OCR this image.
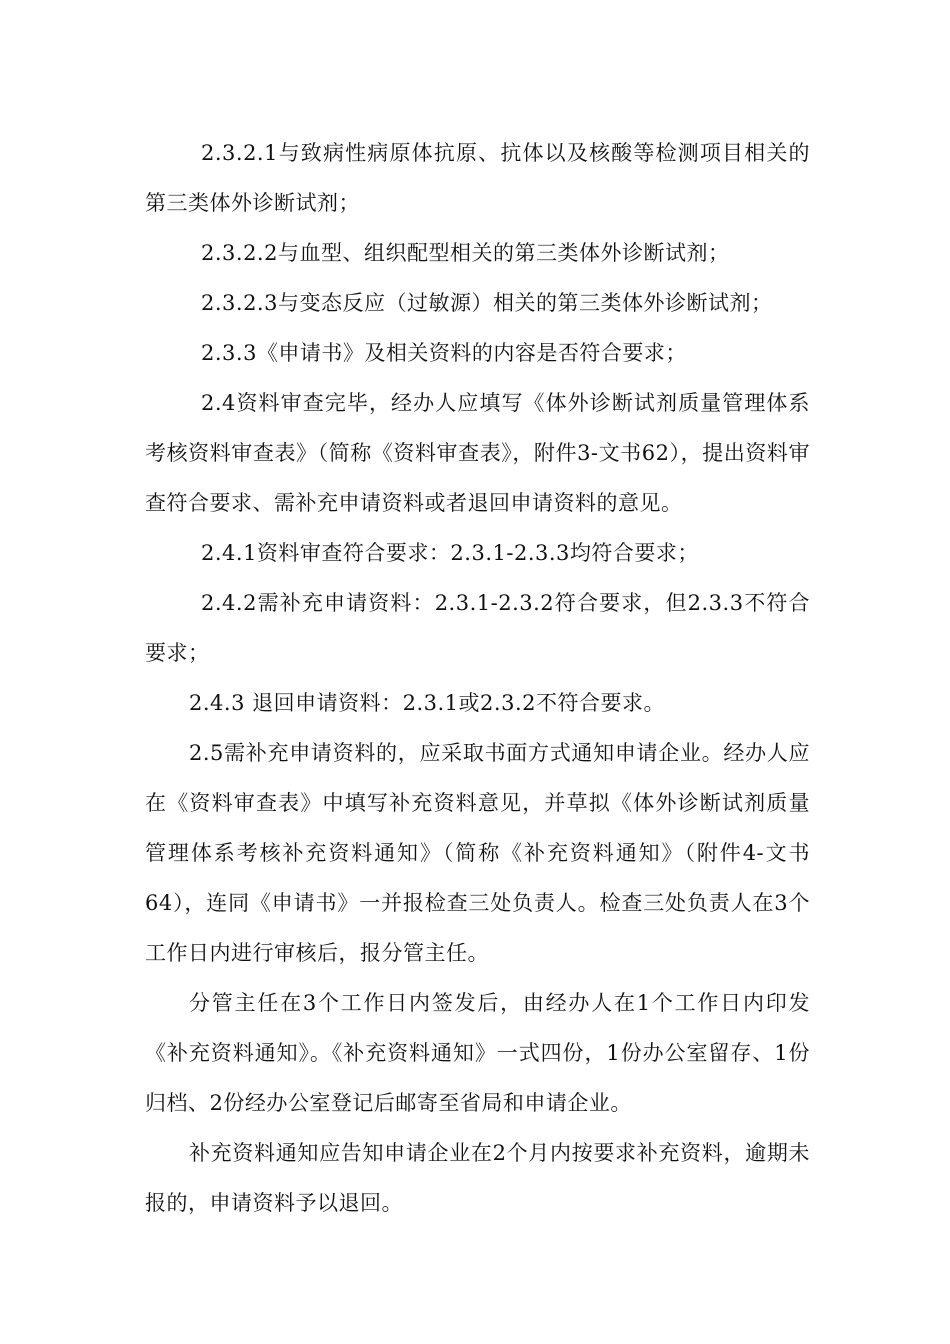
2.3.2.1与致病性病原体抗原、抗体以及核酸等检测项目相关的第三类体外诊断试剂；

2.3.2.2与血型、组织配型相关的第三类体外诊断试剂；

2.3.2.3与变态反应（过敏源）相关的第三类体外诊断试剂；

2.3.3《申请书》及相关资料的内容是否符合要求；

2.4资料审查完毕，经办人应填写《体外诊断试剂质量管理体系考核资料审查表》（简称《资料审查表》，附件3-文书62），提出资料审查符合要求、需补充申请资料或者退回申请资料的意见。

2.4.1资料审查符合要求：2.3.1-2.3.3均符合要求；

2.4.2需补充申请资料：2.3.1-2.3.2符合要求，但2.3.3不符合要求；

2.4.3 退回申请资料：2.3.1或2.3.2不符合要求。

2.5需补充申请资料的，应采取书面方式通知申请企业。经办人应在《资料审查表》中填写补充资料意见，并草拟《体外诊断试剂质量管理体系考核补充资料通知》（简称《补充资料通知》（附件4-文书64），连同《申请书》一并报检查三处负责人。检查三处负责人在3个工作日内进行审核后，报分管主任。

分管主任在3个工作日内签发后，由经办人在1个工作日内印发《补充资料通知》。《补充资料通知》一式四份，1份办公室留存、1份归档、2份经办公室登记后邮寄至省局和申请企业。

补充资料通知应告知申请企业在2个月内按要求补充资料，逾期未报的，申请资料予以退回。
